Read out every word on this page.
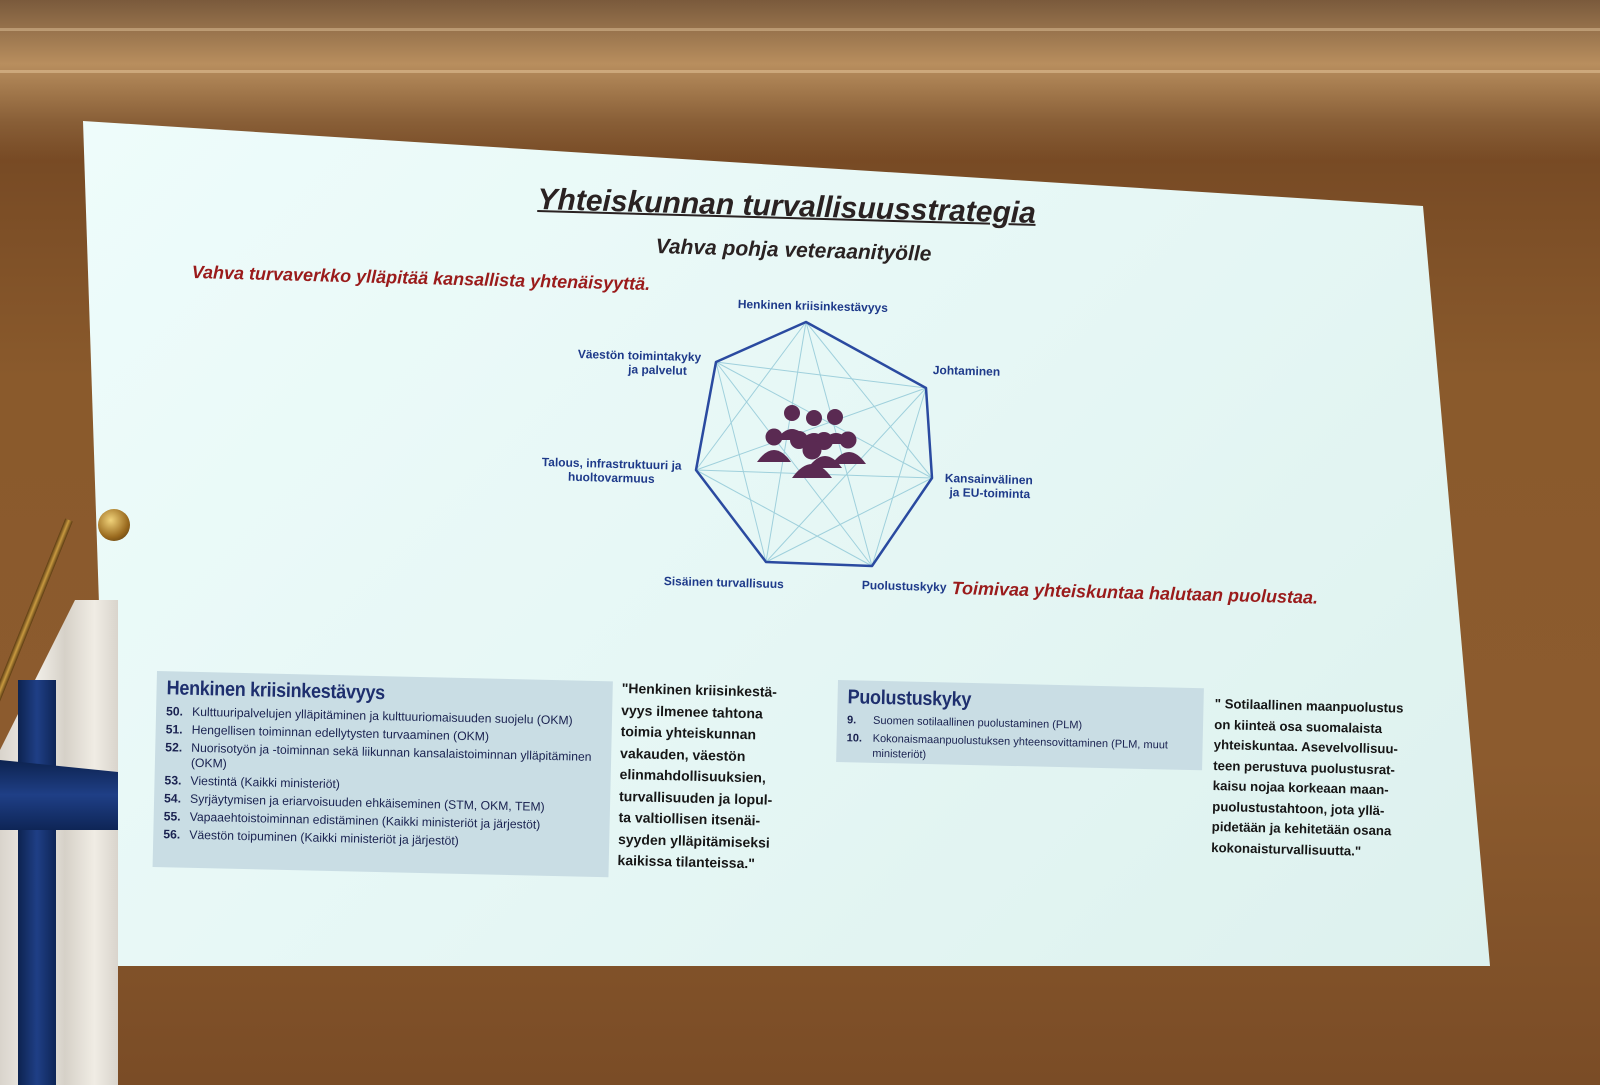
Yhteiskunnan turvallisuusstrategia
Vahva pohja veteraanityölle
Vahva turvaverkko ylläpitää kansallista yhtenäisyyttä.
Toimivaa yhteiskuntaa halutaan puolustaa.
Henkinen kriisinkestävyys
Johtaminen
Kansainvälinen
ja EU-toiminta
Puolustuskyky
Sisäinen turvallisuus
Talous, infrastruktuuri ja
huoltovarmuus
Väestön toimintakyky
ja palvelut
Henkinen kriisinkestävyys
50. Kulttuuripalvelujen ylläpitäminen ja kulttuuriomaisuuden suojelu (OKM)
51. Hengellisen toiminnan edellytysten turvaaminen (OKM)
52. Nuorisotyön ja -toiminnan sekä liikunnan kansalaistoiminnan ylläpitäminen (OKM)
53. Viestintä (Kaikki ministeriöt)
54. Syrjäytymisen ja eriarvoisuuden ehkäiseminen (STM, OKM, TEM)
55. Vapaaehtoistoiminnan edistäminen (Kaikki ministeriöt ja järjestöt)
56. Väestön toipuminen (Kaikki ministeriöt ja järjestöt)
"Henkinen kriisinkestä-
vyys ilmenee tahtona
toimia yhteiskunnan
vakauden, väestön
elinmahdollisuuksien,
turvallisuuden ja lopul-
ta valtiollisen itsenäi-
syyden ylläpitämiseksi
kaikissa tilanteissa."
Puolustuskyky
9.	Suomen sotilaallinen puolustaminen (PLM)
10. Kokonaismaanpuolustuksen yhteensovittaminen (PLM, muut ministeriöt)
" Sotilaallinen maanpuolustus
on kiinteä osa suomalaista
yhteiskuntaa. Asevelvollisuu-
teen perustuva puolustusrat-
kaisu nojaa korkeaan maan-
puolustustahtoon, jota yllä-
pidetään ja kehitetään osana
kokonaisturvallisuutta."
